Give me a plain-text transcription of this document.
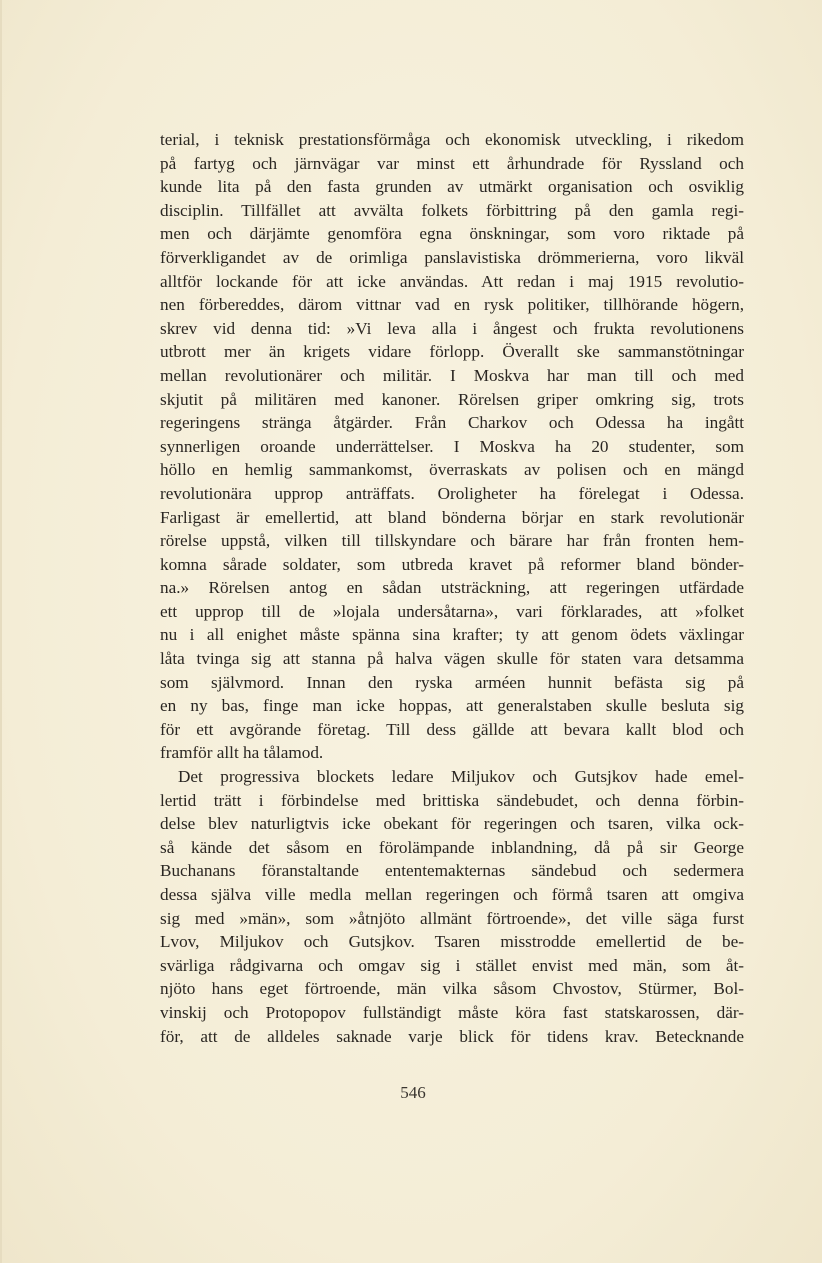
terial, i teknisk prestationsförmåga och ekonomisk utveckling, i rikedom
på fartyg och järnvägar var minst ett århundrade för Ryssland och
kunde lita på den fasta grunden av utmärkt organisation och osviklig
disciplin. Tillfället att avvälta folkets förbittring på den gamla regi-
men och därjämte genomföra egna önskningar, som voro riktade på
förverkligandet av de orimliga panslavistiska drömmerierna, voro likväl
alltför lockande för att icke användas. Att redan i maj 1915 revolutio-
nen förbereddes, därom vittnar vad en rysk politiker, tillhörande högern,
skrev vid denna tid: »Vi leva alla i ångest och frukta revolutionens
utbrott mer än krigets vidare förlopp. Överallt ske sammanstötningar
mellan revolutionärer och militär. I Moskva har man till och med
skjutit på militären med kanoner. Rörelsen griper omkring sig, trots
regeringens stränga åtgärder. Från Charkov och Odessa ha ingått
synnerligen oroande underrättelser. I Moskva ha 20 studenter, som
höllo en hemlig sammankomst, överraskats av polisen och en mängd
revolutionära upprop anträffats. Oroligheter ha förelegat i Odessa.
Farligast är emellertid, att bland bönderna börjar en stark revolutionär
rörelse uppstå, vilken till tillskyndare och bärare har från fronten hem-
komna sårade soldater, som utbreda kravet på reformer bland bönder-
na.» Rörelsen antog en sådan utsträckning, att regeringen utfärdade
ett upprop till de »lojala undersåtarna», vari förklarades, att »folket
nu i all enighet måste spänna sina krafter; ty att genom ödets växlingar
låta tvinga sig att stanna på halva vägen skulle för staten vara detsamma
som självmord. Innan den ryska arméen hunnit befästa sig på
en ny bas, finge man icke hoppas, att generalstaben skulle besluta sig
för ett avgörande företag. Till dess gällde att bevara kallt blod och
framför allt ha tålamod.
Det progressiva blockets ledare Miljukov och Gutsjkov hade emel-
lertid trätt i förbindelse med brittiska sändebudet, och denna förbin-
delse blev naturligtvis icke obekant för regeringen och tsaren, vilka ock-
så kände det såsom en förolämpande inblandning, då på sir George
Buchanans föranstaltande ententemakternas sändebud och sedermera
dessa själva ville medla mellan regeringen och förmå tsaren att omgiva
sig med »män», som »åtnjöto allmänt förtroende», det ville säga furst
Lvov, Miljukov och Gutsjkov. Tsaren misstrodde emellertid de be-
svärliga rådgivarna och omgav sig i stället envist med män, som åt-
njöto hans eget förtroende, män vilka såsom Chvostov, Stürmer, Bol-
vinskij och Protopopov fullständigt måste köra fast statskarossen, där-
för, att de alldeles saknade varje blick för tidens krav. Betecknande
546
